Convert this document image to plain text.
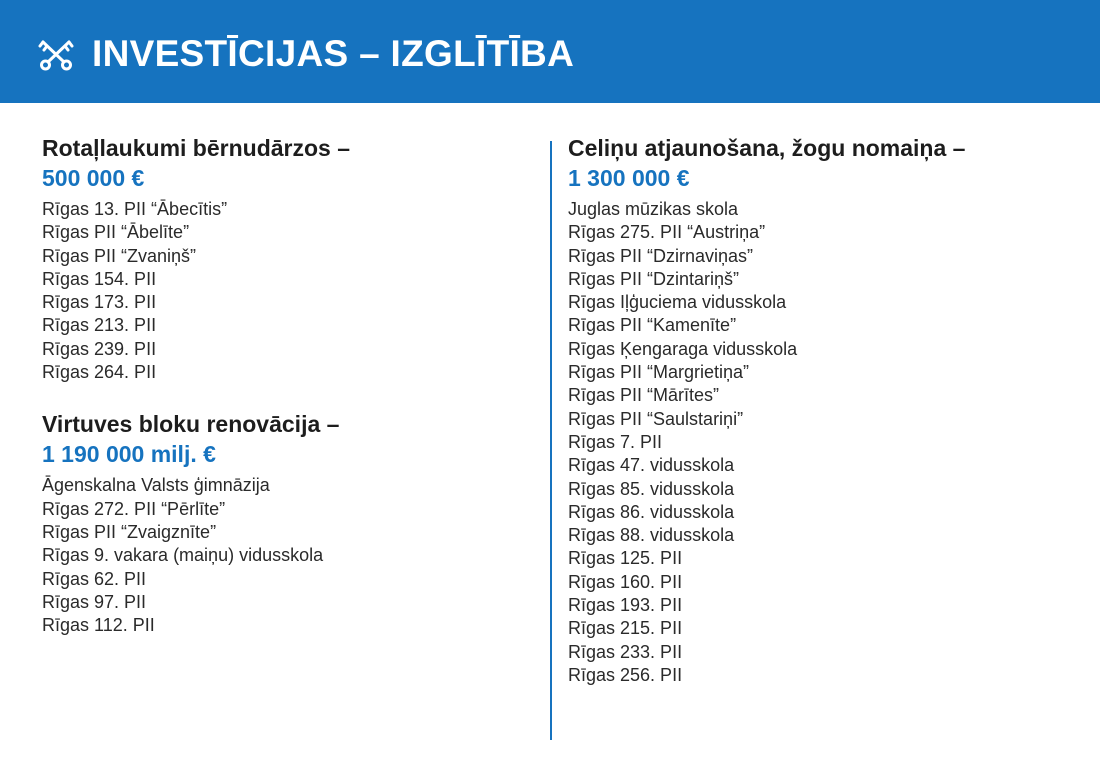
INVESTĪCIJAS – IZGLĪTĪBA
Rotaļlaukumi bērnudārzos –

500 000 €

Rīgas 13. PII “Ābecītis”
Rīgas PII “Ābelīte”
Rīgas PII “Zvaniņš”
Rīgas 154. PII
Rīgas 173. PII
Rīgas 213. PII
Rīgas 239. PII
Rīgas 264. PII
Virtuves bloku renovācija –

1 190 000 milj. €

Āgenskalna Valsts ģimnāzija
Rīgas 272. PII “Pērlīte”
Rīgas PII “Zvaigznīte”
Rīgas 9. vakara (maiņu) vidusskola
Rīgas 62. PII
Rīgas 97. PII
Rīgas 112. PII
Celiņu atjaunošana, žogu nomaiņa –

1 300 000 €

Juglas mūzikas skola
Rīgas 275. PII “Austriņa”
Rīgas PII “Dzirnaviņas”
Rīgas PII “Dzintariņš”
Rīgas Iļģuciema vidusskola
Rīgas PII “Kamenīte”
Rīgas Ķengaraga vidusskola
Rīgas PII “Margrietiņa”
Rīgas PII “Mārītes”
Rīgas PII “Saulstariņi”
Rīgas 7. PII
Rīgas 47. vidusskola
Rīgas 85. vidusskola
Rīgas 86. vidusskola
Rīgas 88. vidusskola
Rīgas 125. PII
Rīgas 160. PII
Rīgas 193. PII
Rīgas 215. PII
Rīgas 233. PII
Rīgas 256. PII
